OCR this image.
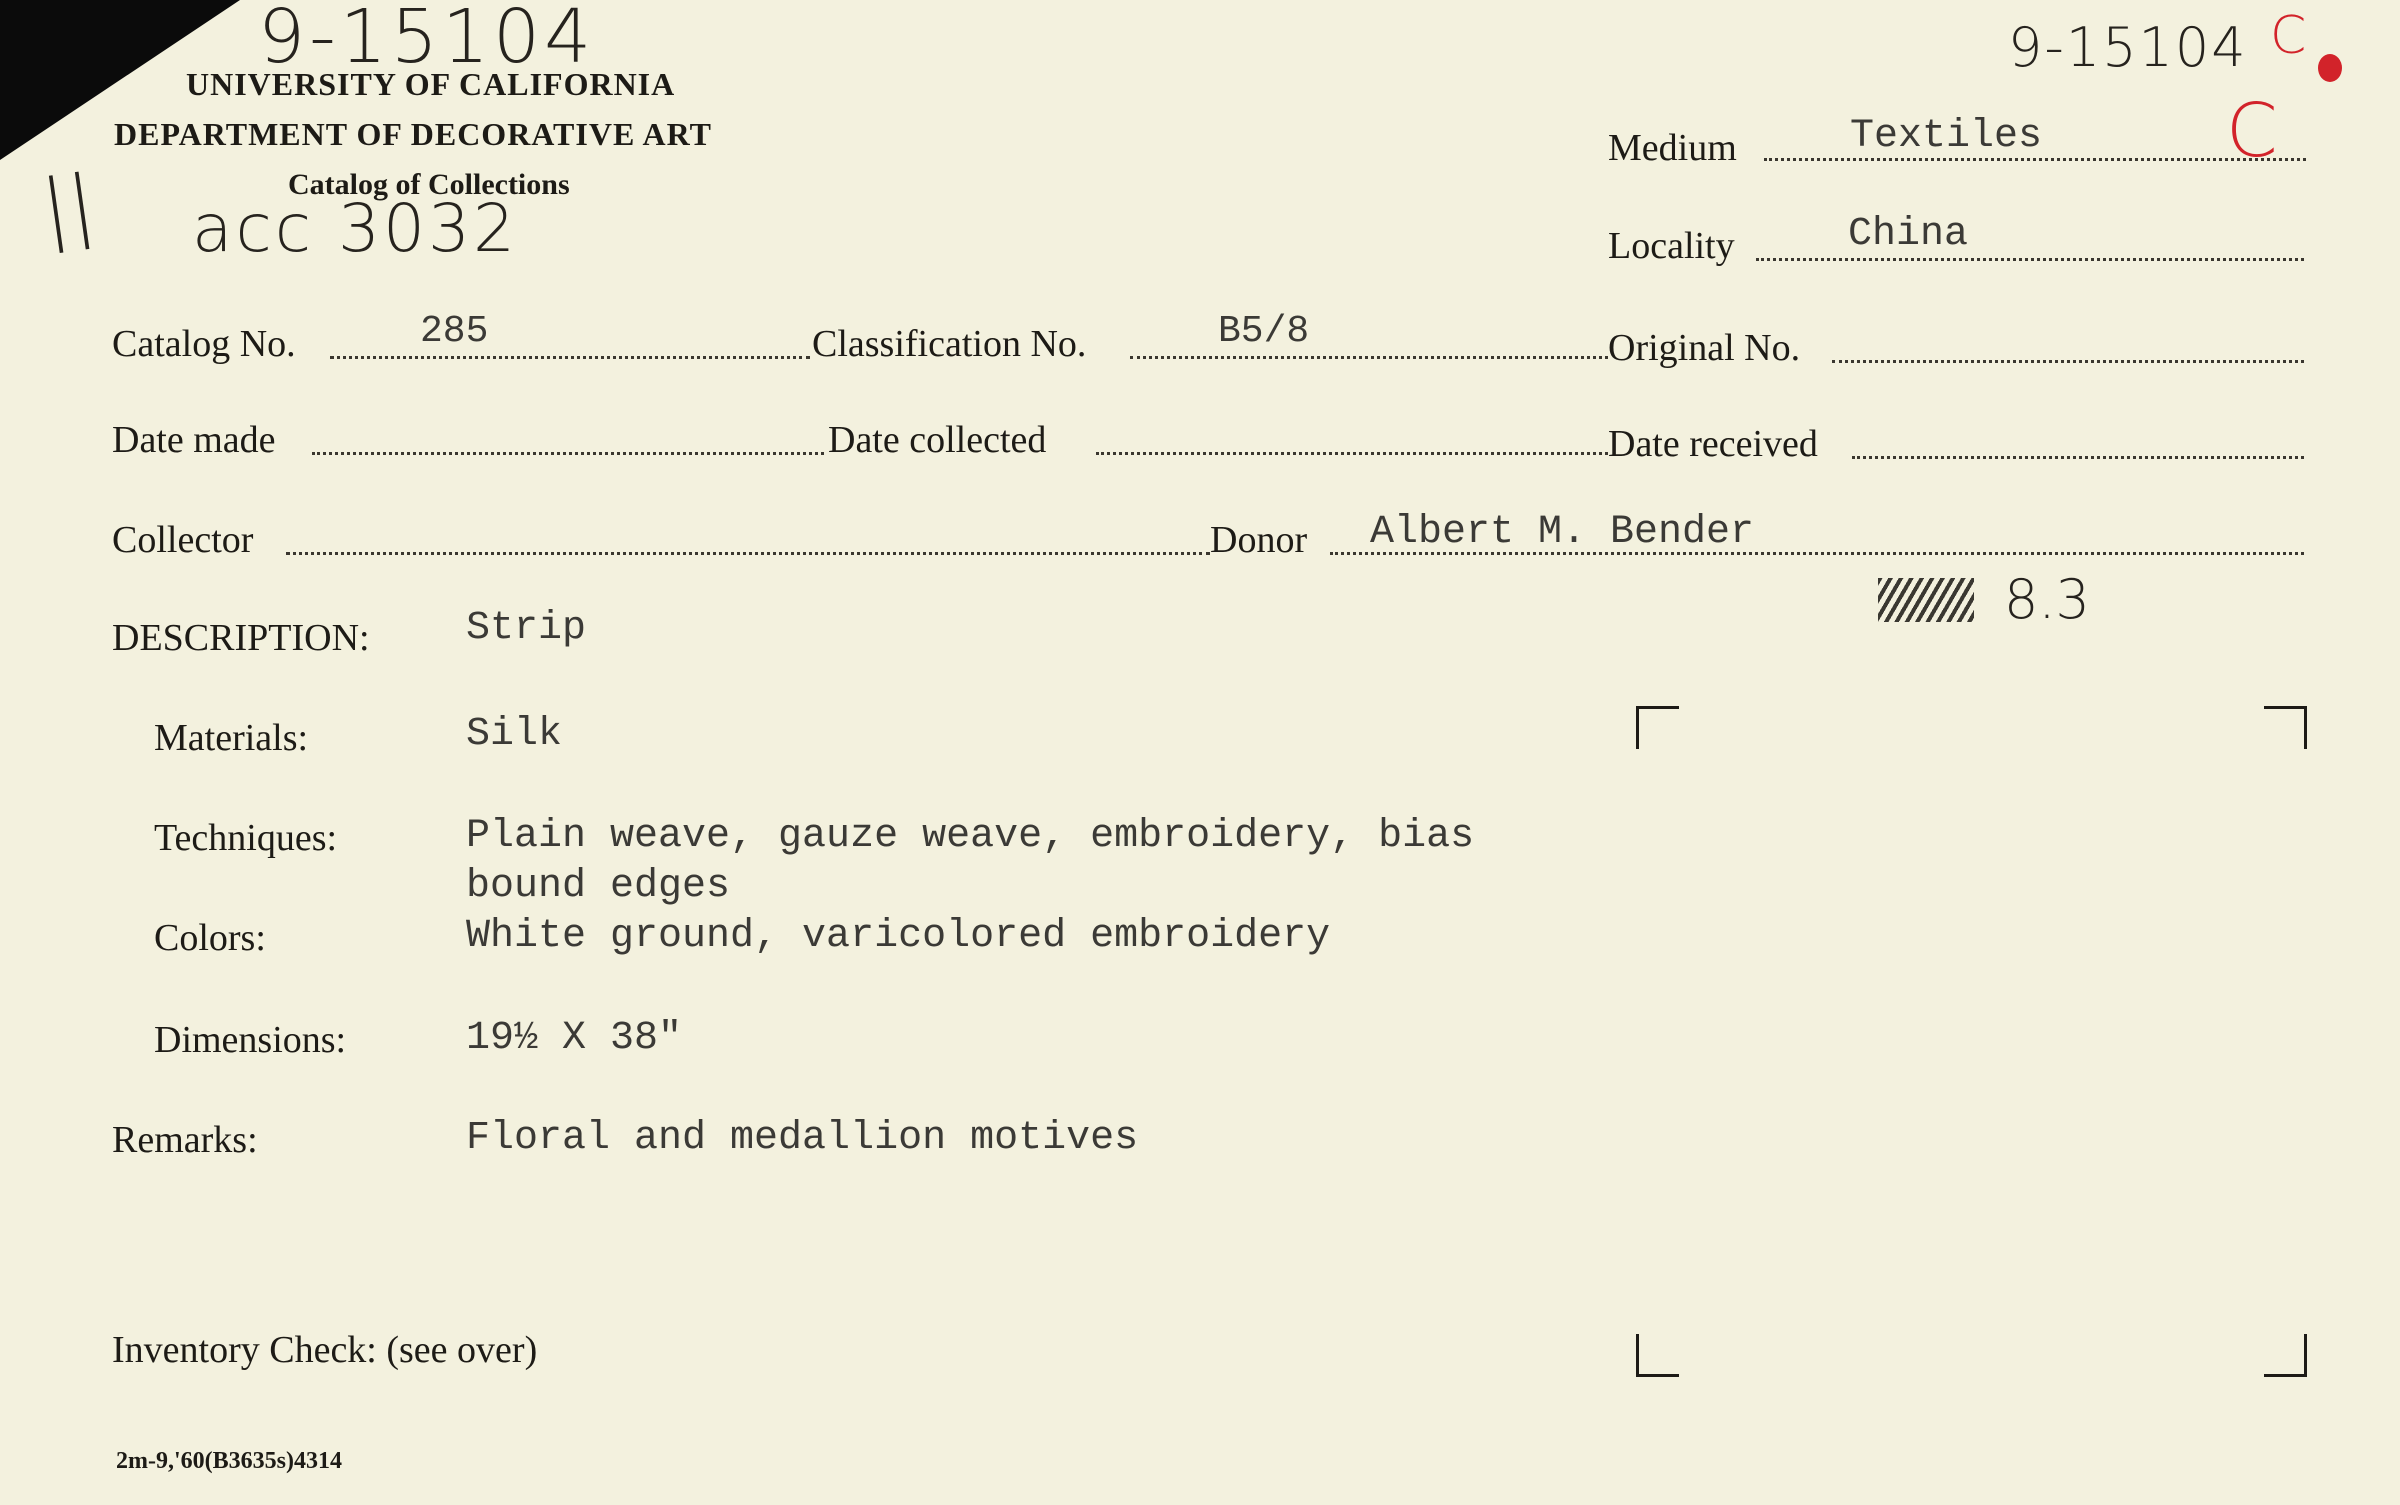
9-15104
|| acc 3032
9-15104 C
C
8.3
UNIVERSITY OF CALIFORNIA
DEPARTMENT OF DECORATIVE ART
Catalog of Collections
Medium	Textiles
Locality	China
Catalog No.	285	Classification No.	B5/8	Original No.
Date made	Date collected	Date received
Collector	Donor Albert M. Bender
DESCRIPTION: Strip
Materials:	Silk
Techniques:	Plain weave, gauze weave, embroidery, bias
bound edges
Colors:	White ground, varicolored embroidery
Dimensions:	19½ X 38"
Remarks:	Floral and medallion motives
Inventory Check: (see over)
2m-9,'60(B3635s)4314
